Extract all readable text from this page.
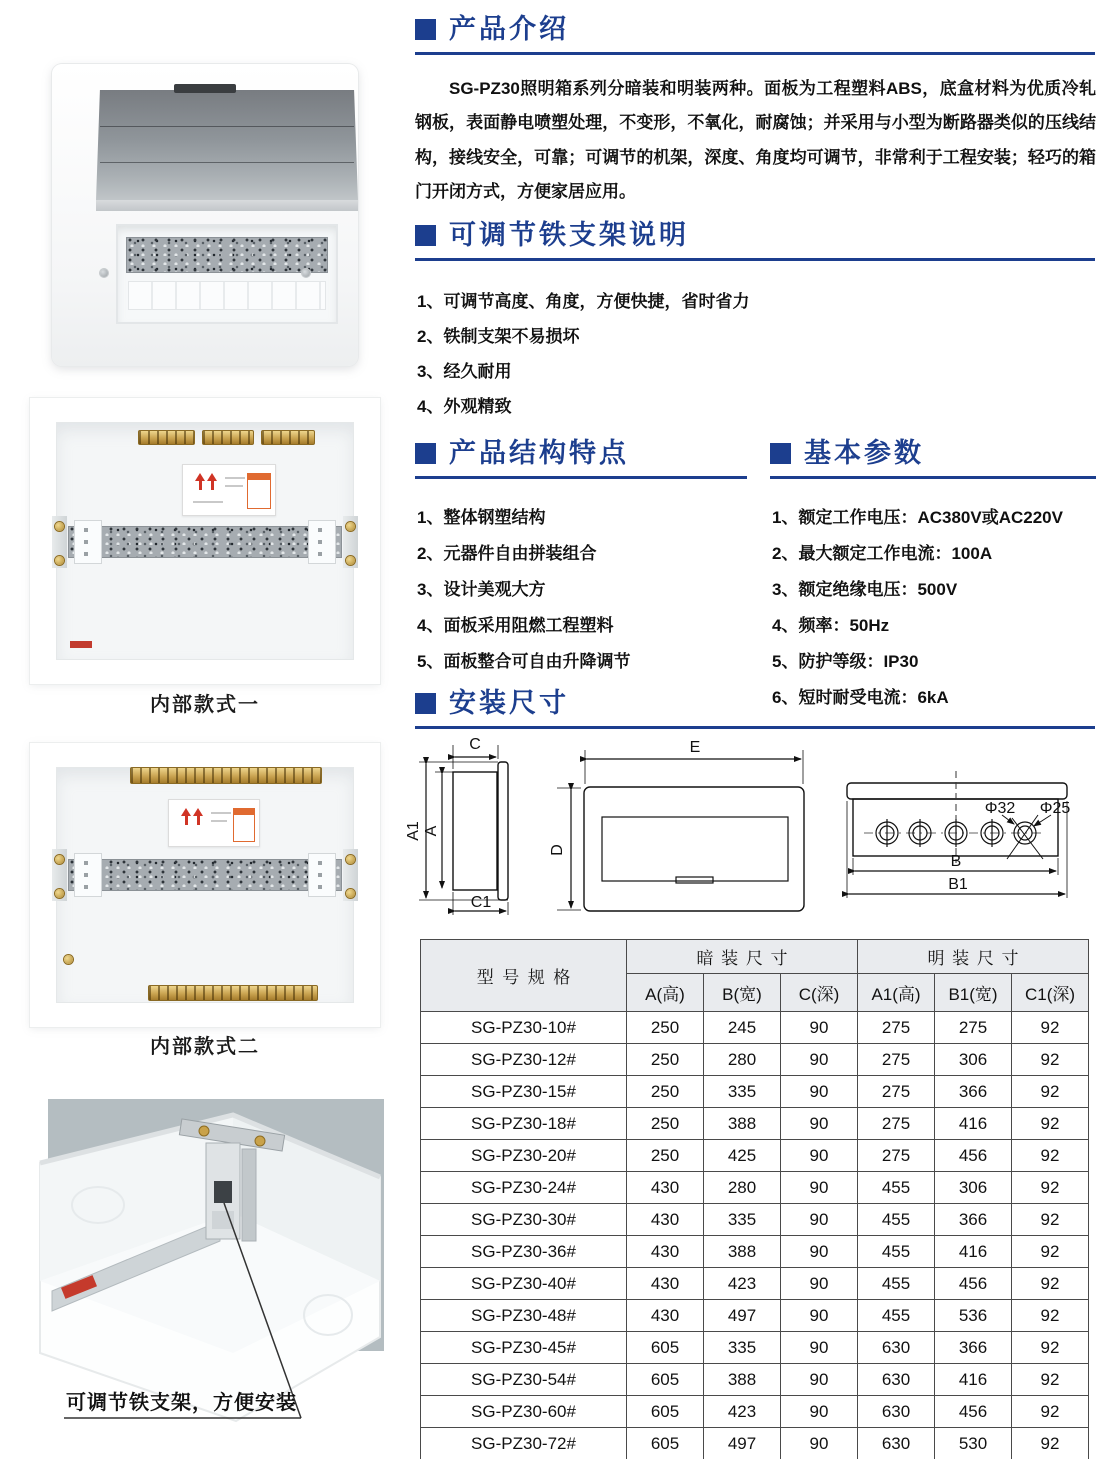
内部款式一
内部款式二
可调节铁支架，方便安装
产品介绍
SG-PZ30照明箱系列分暗装和明装两种。面板为工程塑料ABS，底盒材料为优质冷轧钢板，表面静电喷塑处理，不变形，不氧化，耐腐蚀；并采用与小型为断路器类似的压线结构，接线安全，可靠；可调节的机架，深度、角度均可调节，非常利于工程安装；轻巧的箱门开闭方式，方便家居应用。
可调节铁支架说明
1、可调节高度、角度，方便快捷，省时省力
2、铁制支架不易损坏
3、经久耐用
4、外观精致
产品结构特点
1、整体钢塑结构
2、元器件自由拼装组合
3、设计美观大方
4、面板采用阻燃工程塑料
5、面板整合可自由升降调节
基本参数
1、额定工作电压：AC380V或AC220V
2、最大额定工作电流：100A
3、额定绝缘电压：500V
4、频率：50Hz
5、防护等级：IP30
6、短时耐受电流：6kA
安装尺寸
C
A1 A
C1
E
D
Φ32 Φ25
B
B1
型号规格	暗装尺寸			明装尺寸		
	A(高)	B(宽)	C(深)	A1(高)	B1(宽)	C1(深)
SG-PZ30-10#	250	245	90	275	275	92
SG-PZ30-12#	250	280	90	275	306	92
SG-PZ30-15#	250	335	90	275	366	92
SG-PZ30-18#	250	388	90	275	416	92
SG-PZ30-20#	250	425	90	275	456	92
SG-PZ30-24#	430	280	90	455	306	92
SG-PZ30-30#	430	335	90	455	366	92
SG-PZ30-36#	430	388	90	455	416	92
SG-PZ30-40#	430	423	90	455	456	92
SG-PZ30-48#	430	497	90	455	536	92
SG-PZ30-45#	605	335	90	630	366	92
SG-PZ30-54#	605	388	90	630	416	92
SG-PZ30-60#	605	423	90	630	456	92
SG-PZ30-72#	605	497	90	630	530	92
